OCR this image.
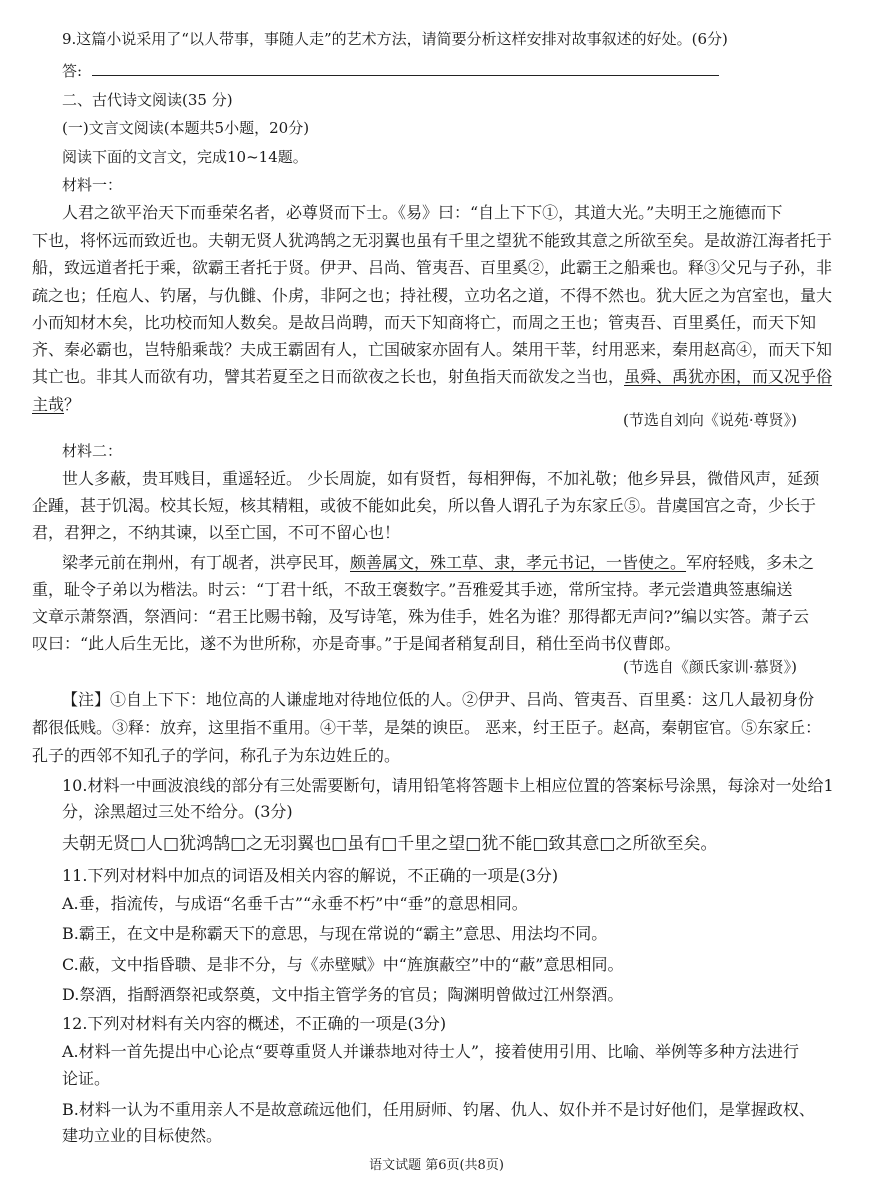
9.这篇小说采用了“以人带事，事随人走”的艺术方法，请简要分析这样安排对故事叙述的好处。(6分)
答:
二、古代诗文阅读(35 分)
(一)文言文阅读(本题共5小题，20分)
阅读下面的文言文，完成10~14题。
材料一：
人君之欲平治天下而垂荣名者，必尊贤而下士。《易》曰：“自上下下①，其道大光。”夫明王之施德而下
下也，将怀远而致近也。夫朝无贤人犹鸿鹄之无羽翼也虽有千里之望犹不能致其意之所欲至矣。是故游江海者托于
船，致远道者托于乘，欲霸王者托于贤。伊尹、吕尚、管夷吾、百里奚②，此霸王之船乘也。释③父兄与子孙，非
疏之也；任庖人、钓屠，与仇雠、仆虏，非阿之也；持社稷，立功名之道，不得不然也。犹大匠之为宫室也，量大
小而知材木矣，比功校而知人数矣。是故吕尚聘，而天下知商将亡，而周之王也；管夷吾、百里奚任，而天下知
齐、秦必霸也，岂特船乘哉？夫成王霸固有人，亡国破家亦固有人。桀用干莘，纣用恶来，秦用赵高④，而天下知
其亡也。非其人而欲有功，譬其若夏至之日而欲夜之长也，射鱼指天而欲发之当也，虽舜、禹犹亦困，而又况乎俗
主哉？
(节选自刘向《说苑·尊贤》)
材料二：
世人多蔽，贵耳贱目，重遥轻近。 少长周旋，如有贤哲，每相狎侮，不加礼敬；他乡异县，微借风声，延颈
企踵，甚于饥渴。校其长短，核其精粗，或彼不能如此矣，所以鲁人谓孔子为东家丘⑤。昔虞国宫之奇，少长于
君，君狎之，不纳其谏，以至亡国，不可不留心也！
梁孝元前在荆州，有丁觇者，洪亭民耳，颇善属文，殊工草、隶，孝元书记，一皆使之。军府轻贱，多未之
重，耻令子弟以为楷法。时云：“丁君十纸，不敌王褒数字。”吾雅爱其手迹，常所宝持。孝元尝遣典签惠编送
文章示萧祭酒，祭酒问：“君王比赐书翰，及写诗笔，殊为佳手，姓名为谁？那得都无声问?”编以实答。萧子云
叹曰：“此人后生无比，遂不为世所称，亦是奇事。”于是闻者稍复刮目，稍仕至尚书仪曹郎。
(节选自《颜氏家训·慕贤》)
【注】①自上下下：地位高的人谦虚地对待地位低的人。②伊尹、吕尚、管夷吾、百里奚：这几人最初身份
都很低贱。③释：放弃，这里指不重用。④干莘，是桀的谀臣。 恶来，纣王臣子。赵高，秦朝宦官。⑤东家丘：
孔子的西邻不知孔子的学问，称孔子为东边姓丘的。
10.材料一中画波浪线的部分有三处需要断句，请用铅笔将答题卡上相应位置的答案标号涂黑，每涂对一处给1
分，涂黑超过三处不给分。(3分)
夫朝无贤□人□犹鸿鹄□之无羽翼也□虽有□千里之望□犹不能□致其意□之所欲至矣。
11.下列对材料中加点的词语及相关内容的解说，不正确的一项是(3分)
A.垂，指流传，与成语“名垂千古”“永垂不朽”中“垂”的意思相同。
B.霸王，在文中是称霸天下的意思，与现在常说的“霸主”意思、用法均不同。
C.蔽，文中指昏聩、是非不分，与《赤壁赋》中“旌旗蔽空”中的“蔽”意思相同。
D.祭酒，指酹酒祭祀或祭奠，文中指主管学务的官员；陶渊明曾做过江州祭酒。
12.下列对材料有关内容的概述，不正确的一项是(3分)
A.材料一首先提出中心论点“要尊重贤人并谦恭地对待士人”，接着使用引用、比喻、举例等多种方法进行
论证。
B.材料一认为不重用亲人不是故意疏远他们，任用厨师、钓屠、仇人、奴仆并不是讨好他们，是掌握政权、
建功立业的目标使然。
语文试题 第6页(共8页)
